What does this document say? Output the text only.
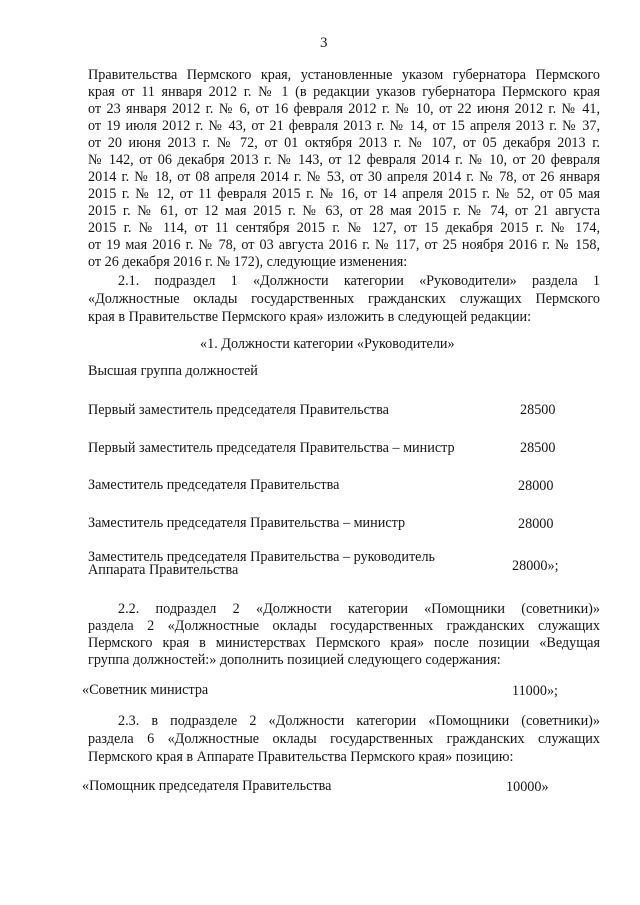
3
Правительства Пермского края, установленные указом губернатора Пермского
края от 11 января 2012 г. № 1 (в редакции указов губернатора Пермского края
от 23 января 2012 г. № 6, от 16 февраля 2012 г. № 10, от 22 июня 2012 г. № 41,
от 19 июля 2012 г. № 43, от 21 февраля 2013 г. № 14, от 15 апреля 2013 г. № 37,
от 20 июня 2013 г. № 72, от 01 октября 2013 г. № 107, от 05 декабря 2013 г.
№ 142, от 06 декабря 2013 г. № 143, от 12 февраля 2014 г. № 10, от 20 февраля
2014 г. № 18, от 08 апреля 2014 г. № 53, от 30 апреля 2014 г. № 78, от 26 января
2015 г. № 12, от 11 февраля 2015 г. № 16, от 14 апреля 2015 г. № 52, от 05 мая
2015 г. № 61, от 12 мая 2015 г. № 63, от 28 мая 2015 г. № 74, от 21 августа
2015 г. № 114, от 11 сентября 2015 г. № 127, от 15 декабря 2015 г. № 174,
от 19 мая 2016 г. № 78, от 03 августа 2016 г. № 117, от 25 ноября 2016 г. № 158,
от 26 декабря 2016 г. № 172), следующие изменения:
2.1. подраздел 1 «Должности категории «Руководители» раздела 1
«Должностные оклады государственных гражданских служащих Пермского
края в Правительстве Пермского края» изложить в следующей редакции:
«1. Должности категории «Руководители»
Высшая группа должностей
Первый заместитель председателя Правительства	28500
Первый заместитель председателя Правительства – министр	28500
Заместитель председателя Правительства	28000
Заместитель председателя Правительства – министр	28000
Заместитель председателя Правительства – руководитель
Аппарата Правительства	28000»;
2.2. подраздел 2 «Должности категории «Помощники (советники)»
раздела 2 «Должностные оклады государственных гражданских служащих
Пермского края в министерствах Пермского края» после позиции «Ведущая
группа должностей:» дополнить позицией следующего содержания:
«Советник министра	11000»;
2.3. в подразделе 2 «Должности категории «Помощники (советники)»
раздела 6 «Должностные оклады государственных гражданских служащих
Пермского края в Аппарате Правительства Пермского края» позицию:
«Помощник председателя Правительства	10000»
